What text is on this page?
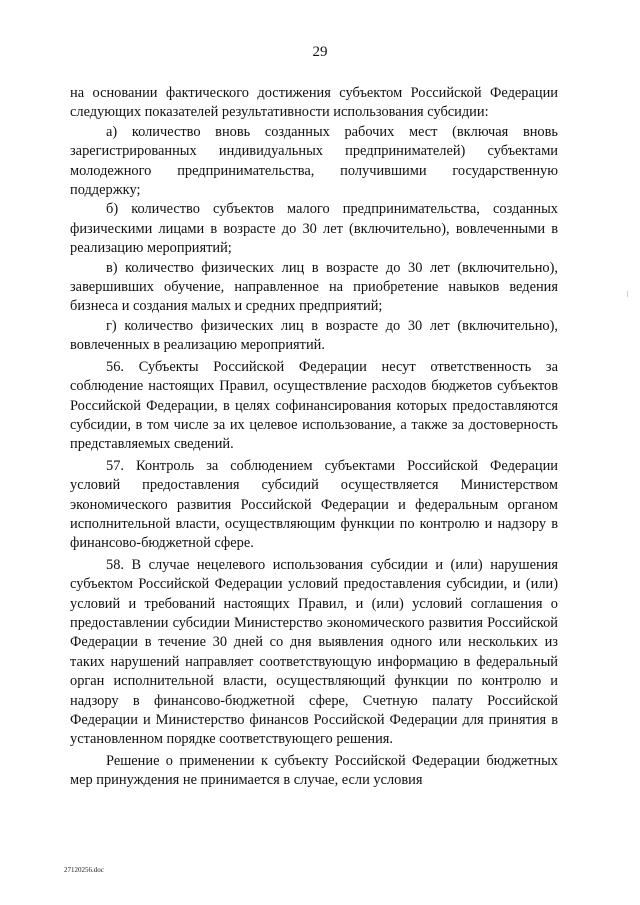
29

на основании фактического достижения субъектом Российской Федерации следующих показателей результативности использования субсидии:

а) количество вновь созданных рабочих мест (включая вновь зарегистрированных индивидуальных предпринимателей) субъектами молодежного предпринимательства, получившими государственную поддержку;

б) количество субъектов малого предпринимательства, созданных физическими лицами в возрасте до 30 лет (включительно), вовлеченными в реализацию мероприятий;

в) количество физических лиц в возрасте до 30 лет (включительно), завершивших обучение, направленное на приобретение навыков ведения бизнеса и создания малых и средних предприятий;

г) количество физических лиц в возрасте до 30 лет (включительно), вовлеченных в реализацию мероприятий.

56. Субъекты Российской Федерации несут ответственность за соблюдение настоящих Правил, осуществление расходов бюджетов субъектов Российской Федерации, в целях софинансирования которых предоставляются субсидии, в том числе за их целевое использование, а также за достоверность представляемых сведений.

57. Контроль за соблюдением субъектами Российской Федерации условий предоставления субсидий осуществляется Министерством экономического развития Российской Федерации и федеральным органом исполнительной власти, осуществляющим функции по контролю и надзору в финансово-бюджетной сфере.

58. В случае нецелевого использования субсидии и (или) нарушения субъектом Российской Федерации условий предоставления субсидии, и (или) условий и требований настоящих Правил, и (или) условий соглашения о предоставлении субсидии Министерство экономического развития Российской Федерации в течение 30 дней со дня выявления одного или нескольких из таких нарушений направляет соответствующую информацию в федеральный орган исполнительной власти, осуществляющий функции по контролю и надзору в финансово-бюджетной сфере, Счетную палату Российской Федерации и Министерство финансов Российской Федерации для принятия в установленном порядке соответствующего решения.

Решение о применении к субъекту Российской Федерации бюджетных мер принуждения не принимается в случае, если условия

27120256.doc
